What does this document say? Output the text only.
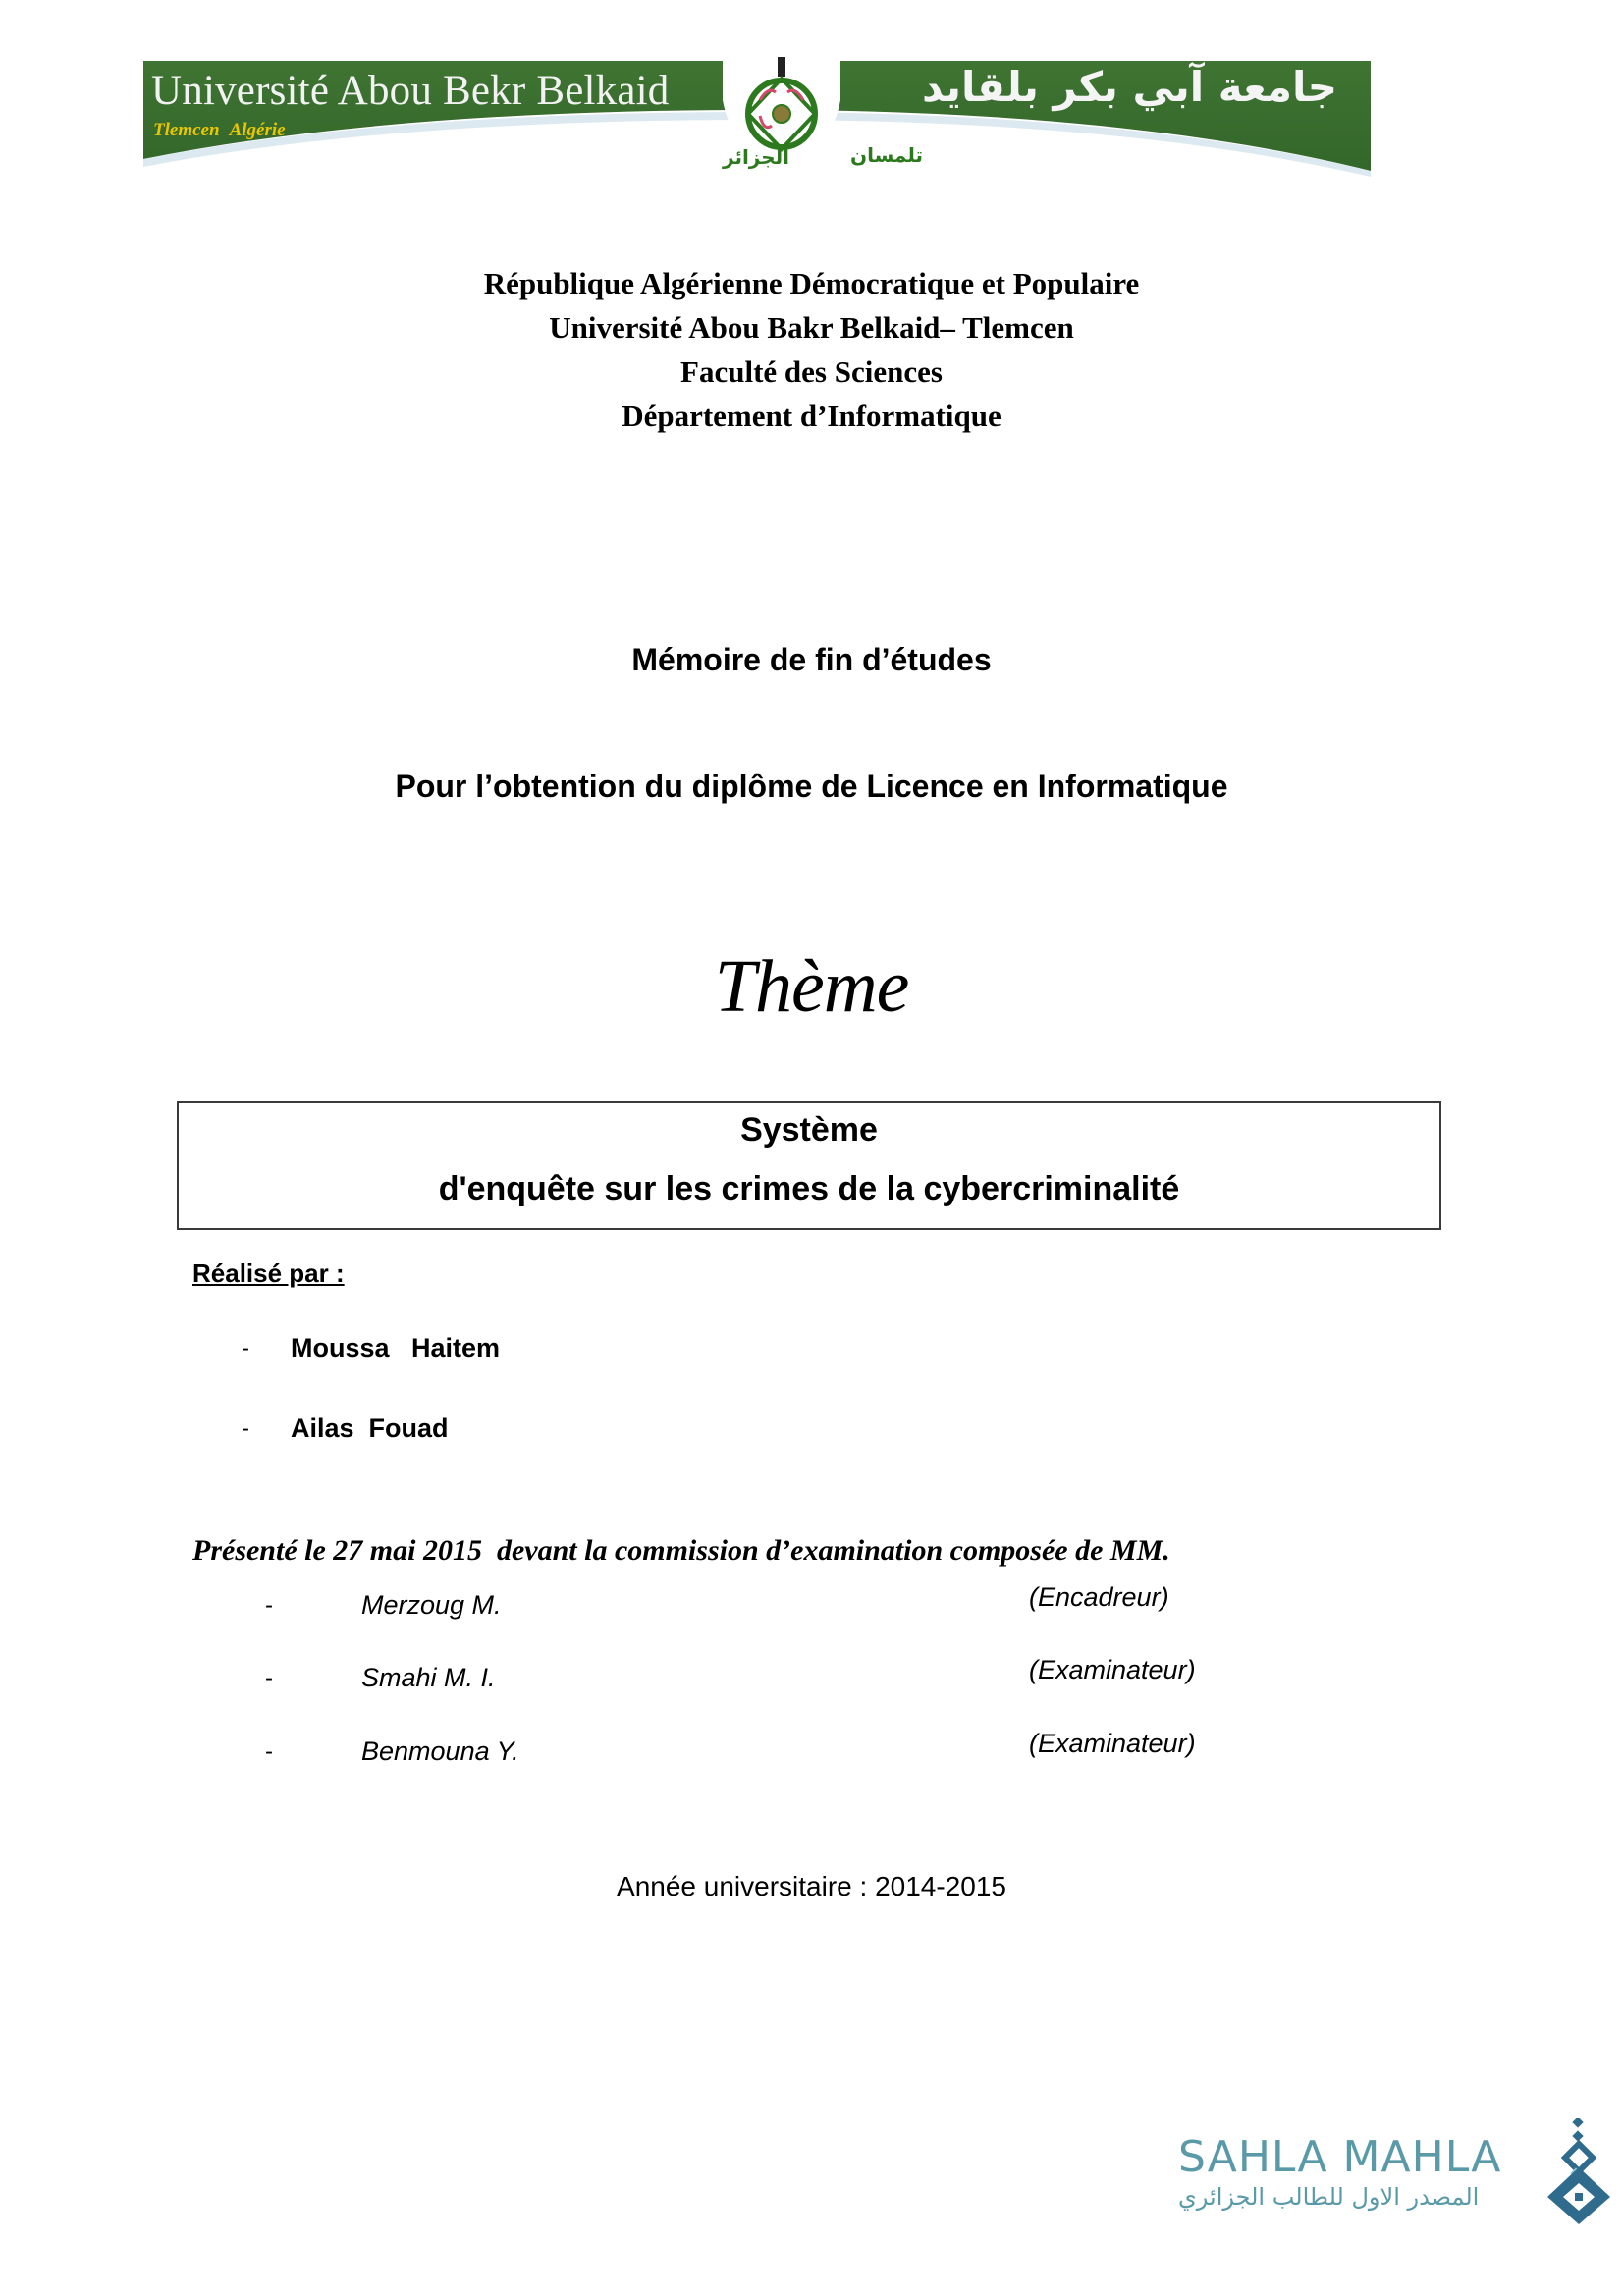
Université Abou Bekr Belkaid
Tlemcen Algérie
جامعة آبي بكر بلقايد
الجزائر	تلمسان
République Algérienne Démocratique et Populaire
Université Abou Bakr Belkaid– Tlemcen
Faculté des Sciences
Département d’Informatique
Mémoire de fin d’études
Pour l’obtention du diplôme de Licence en Informatique
Thème
Système
d'enquête sur les crimes de la cybercriminalité
Réalisé par :
- Moussa   Haitem
- Ailas  Fouad
Présenté le 27 mai 2015  devant la commission d’examination composée de MM.
-	Merzoug M.	(Encadreur)
-	Smahi M. I.	(Examinateur)
-	Benmouna Y.	(Examinateur)
Année universitaire : 2014-2015
SAHLA MAHLA
المصدر الاول للطالب الجزائري
